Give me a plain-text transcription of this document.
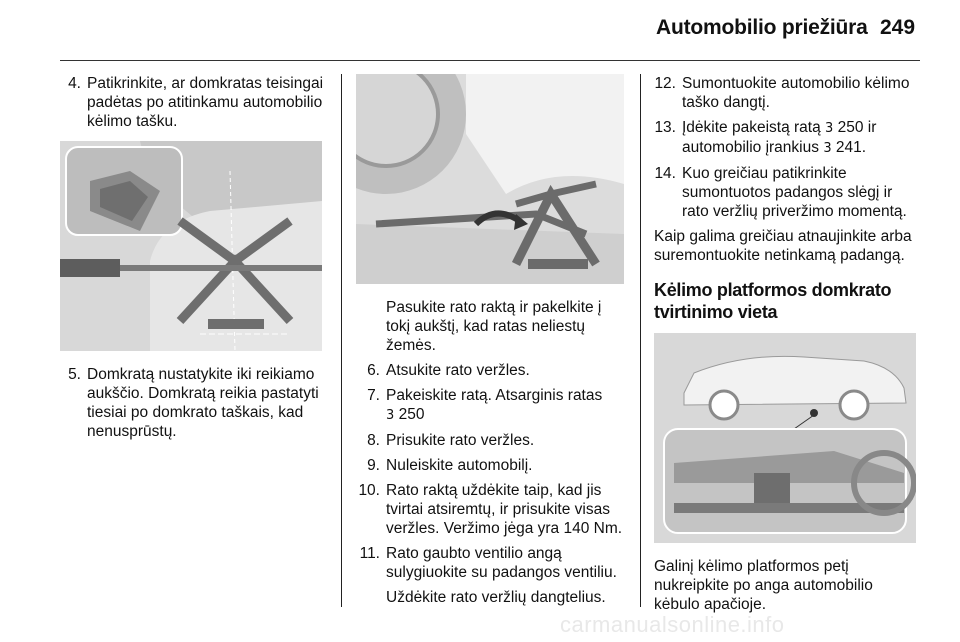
Automobilio priežiūra 249
4. Patikrinkite, ar domkratas teisingai padėtas po atitinkamu automobilio kėlimo tašku.
5. Domkratą nustatykite iki reikiamo aukščio. Domkratą reikia pastatyti tiesiai po domkrato taškais, kad nenusprūstų.
Pasukite rato raktą ir pakelkite į tokį aukštį, kad ratas neliestų žemės.
6. Atsukite rato veržles.
7. Pakeiskite ratą. Atsarginis ratas
3 250
8. Prisukite rato veržles.
9. Nuleiskite automobilį.
10. Rato raktą uždėkite taip, kad jis tvirtai atsiremtų, ir prisukite visas veržles. Veržimo jėga yra 140 Nm.
11. Rato gaubto ventilio angą sulygiuokite su padangos ventiliu.
Uždėkite rato veržlių dangtelius.
12. Sumontuokite automobilio kėlimo taško dangtį.
13. Įdėkite pakeistą ratą 3 250 ir automobilio įrankius 3 241.
14. Kuo greičiau patikrinkite sumontuotos padangos slėgį ir rato veržlių priveržimo momentą.
Kaip galima greičiau atnaujinkite arba suremontuokite netinkamą padangą.
Kėlimo platformos domkrato tvirtinimo vieta
Galinį kėlimo platformos petį nukreipkite po anga automobilio kėbulo apačioje.
carmanualsonline.info
